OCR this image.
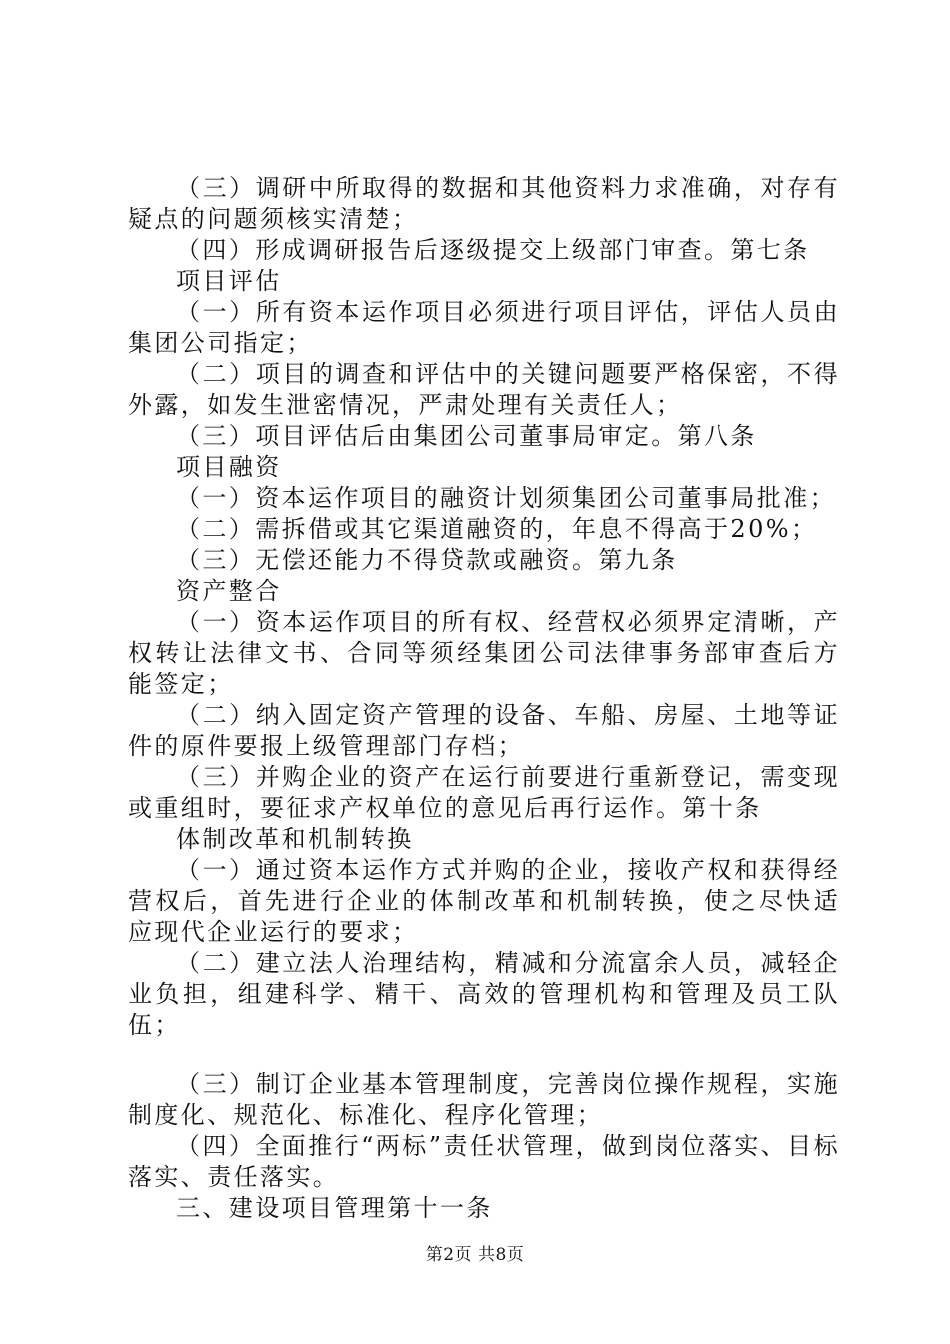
（三）调研中所取得的数据和其他资料力求准确，对存有疑点的问题须核实清楚；

（四）形成调研报告后逐级提交上级部门审查。第七条

项目评估

（一）所有资本运作项目必须进行项目评估，评估人员由集团公司指定；

（二）项目的调查和评估中的关键问题要严格保密，不得外露，如发生泄密情况，严肃处理有关责任人；

（三）项目评估后由集团公司董事局审定。第八条

项目融资

（一）资本运作项目的融资计划须集团公司董事局批准；

（二）需拆借或其它渠道融资的，年息不得高于20%；

（三）无偿还能力不得贷款或融资。第九条

资产整合

（一）资本运作项目的所有权、经营权必须界定清晰，产权转让法律文书、合同等须经集团公司法律事务部审查后方能签定；

（二）纳入固定资产管理的设备、车船、房屋、土地等证件的原件要报上级管理部门存档；

（三）并购企业的资产在运行前要进行重新登记，需变现或重组时，要征求产权单位的意见后再行运作。第十条

体制改革和机制转换

（一）通过资本运作方式并购的企业，接收产权和获得经营权后，首先进行企业的体制改革和机制转换，使之尽快适应现代企业运行的要求；

（二）建立法人治理结构，精减和分流富余人员，减轻企业负担，组建科学、精干、高效的管理机构和管理及员工队伍；

（三）制订企业基本管理制度，完善岗位操作规程，实施制度化、规范化、标准化、程序化管理；

（四）全面推行“两标”责任状管理，做到岗位落实、目标落实、责任落实。

三、建设项目管理第十一条

第2页 共8页
